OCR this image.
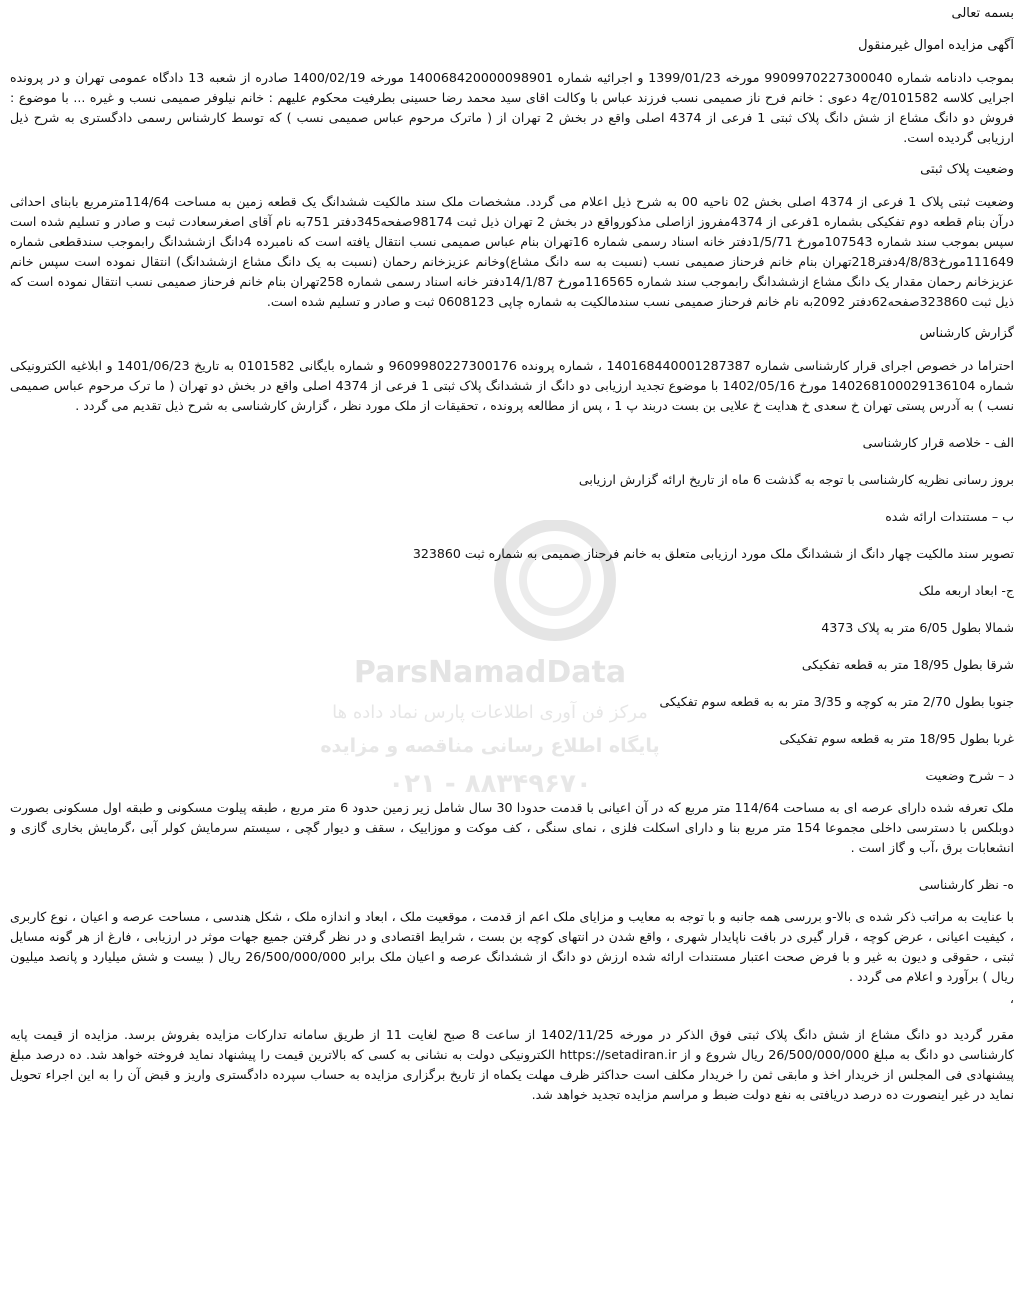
ParsNamadData
مرکز فن آوری اطلاعات پارس نماد داده ها
پایگاه اطلاع رسانی مناقصه و مزایده
۰۲۱ - ۸۸۳۴۹۶۷۰

بسمه تعالی

آگهی مزایده اموال غیرمنقول

بموجب دادنامه شماره 9909970227300040 مورخه 1399/01/23 و اجرائیه شماره 140068420000098901 مورخه 1400/02/19 صادره از شعبه 13 دادگاه عمومی تهران و در پرونده اجرایی کلاسه 0101582/ج4 دعوی : خانم فرح ناز صمیمی نسب فرزند عباس با وکالت اقای سید محمد رضا حسینی بطرفیت محکوم علیهم : خانم نیلوفر صمیمی نسب و غیره ... با موضوع : فروش دو دانگ مشاع از شش دانگ پلاک ثبتی 1 فرعی از 4374 اصلی واقع در بخش 2 تهران از ( ماترک مرحوم عباس صمیمی نسب ) که توسط کارشناس رسمی دادگستری به شرح ذیل ارزیابی گردیده است.

وضعیت پلاک ثبتی

وضعیت ثبتی پلاک 1 فرعی از 4374 اصلی بخش 02 ناحیه 00 به شرح ذیل اعلام می گردد. مشخصات ملک سند مالکیت ششدانگ یک قطعه زمین به مساحت 114/64مترمربع بابنای احداثی درآن بنام قطعه دوم تفکیکی بشماره 1فرعی از 4374مفروز ازاصلی مذکورواقع در بخش 2 تهران ذیل ثبت 98174صفحه345دفتر 751به نام آقای اصغرسعادت ثبت و صادر و تسلیم شده است سپس بموجب سند شماره 107543مورخ 1/5/71دفتر خانه اسناد رسمی شماره 16تهران بنام عباس صمیمی نسب انتقال یافته است که نامبرده 4دانگ ازششدانگ رابموجب سندقطعی شماره 111649مورخ4/8/83دفتر218تهران بنام خانم فرحناز صمیمی نسب (نسبت به سه دانگ مشاع)وخانم عزیزخانم رحمان (نسبت به یک دانگ مشاع ازششدانگ) انتقال نموده است سپس خانم عزیزخانم رحمان مقدار یک دانگ مشاع ازششدانگ رابموجب سند شماره 116565مورخ 14/1/87دفتر خانه اسناد رسمی شماره 258تهران بنام خانم فرحناز صمیمی نسب انتقال نموده است که ذیل ثبت 323860صفحه62دفتر 2092به نام خانم فرحناز صمیمی نسب سندمالکیت به شماره چاپی 0608123 ثبت و صادر و تسلیم شده است.

گزارش کارشناس

احتراما در خصوص اجرای قرار کارشناسی شماره 140168440001287387 ، شماره پرونده 9609980227300176 و شماره بایگانی 0101582 به تاریخ 1401/06/23 و ابلاغیه الکترونیکی شماره 140268100029136104 مورخ 1402/05/16 با موضوع تجدید ارزیابی دو دانگ از ششدانگ پلاک ثبتی 1 فرعی از 4374 اصلی واقع در بخش دو تهران ( ما ترک مرحوم عباس صمیمی نسب ) به آدرس پستی تهران خ سعدی خ هدایت خ علایی بن بست دربند پ 1 ، پس از مطالعه پرونده ، تحقیقات از ملک مورد نظر ، گزارش کارشناسی به شرح ذیل تقدیم می گردد .

الف - خلاصه قرار کارشناسی

بروز رسانی نظریه کارشناسی با توجه به گذشت 6 ماه از تاریخ ارائه گزارش ارزیابی

ب – مستندات ارائه شده

تصویر سند مالکیت چهار دانگ از ششدانگ ملک مورد ارزیابی متعلق به خانم فرحناز صمیمی به شماره ثبت 323860

ج- ابعاد اربعه ملک

شمالا بطول 6/05 متر به پلاک 4373

شرقا بطول 18/95 متر به قطعه تفکیکی

جنوبا بطول 2/70 متر به کوچه و 3/35 متر به به قطعه سوم تفکیکی

غربا بطول 18/95 متر به قطعه سوم تفکیکی

د – شرح وضعیت

ملک تعرفه شده دارای عرصه ای به مساحت 114/64 متر مربع که در آن اعیانی با قدمت حدودا 30 سال شامل زیر زمین حدود 6 متر مربع ، طبقه پیلوت مسکونی و طبقه اول مسکونی بصورت دوبلکس با دسترسی داخلی مجموعا 154 متر مربع بنا و دارای اسکلت فلزی ، نمای سنگی ، کف موکت و موزاییک ، سقف و دیوار گچی ، سیستم سرمایش کولر آبی ،گرمایش بخاری گازی و انشعابات برق ،آب و گاز است .

ه- نظر کارشناسی

با عنایت به مراتب ذکر شده ی بالا-و بررسی همه جانبه و با توجه به معایب و مزایای ملک اعم از قدمت ، موقعیت ملک ، ابعاد و اندازه ملک ، شکل هندسی ، مساحت عرصه و اعیان ، نوع کاربری ، کیفیت اعیانی ، عرض کوچه ، قرار گیری در بافت ناپایدار شهری ، واقع شدن در انتهای کوچه بن بست ، شرایط اقتصادی و در نظر گرفتن جمیع جهات موثر در ارزیابی ، فارغ از هر گونه مسایل ثبتی ، حقوقی و دیون به غیر و با فرض صحت اعتبار مستندات ارائه شده ارزش دو دانگ از ششدانگ عرصه و اعیان ملک برابر 26/500/000/000 ریال ( بیست و شش میلیارد و پانصد میلیون ریال ) برآورد و اعلام می گردد .

،

مقرر گردید دو دانگ مشاع از شش دانگ پلاک ثبتی فوق الذکر در مورخه 1402/11/25 از ساعت 8 صبح لغایت 11 از طریق سامانه تدارکات مزایده بفروش برسد. مزایده از قیمت پایه کارشناسی دو دانگ به مبلغ 26/500/000/000 ریال شروع و از https://setadiran.ir الکترونیکی دولت به نشانی به کسی که بالاترین قیمت را پیشنهاد نماید فروخته خواهد شد. ده درصد مبلغ پیشنهادی فی المجلس از خریدار اخذ و مابقی ثمن را خریدار مکلف است حداکثر ظرف مهلت یکماه از تاریخ برگزاری مزایده به حساب سپرده دادگستری واریز و قبض آن را به این اجراء تحویل نماید در غیر اینصورت ده درصد دریافتی به نفع دولت ضبط و مراسم مزایده تجدید خواهد شد.
